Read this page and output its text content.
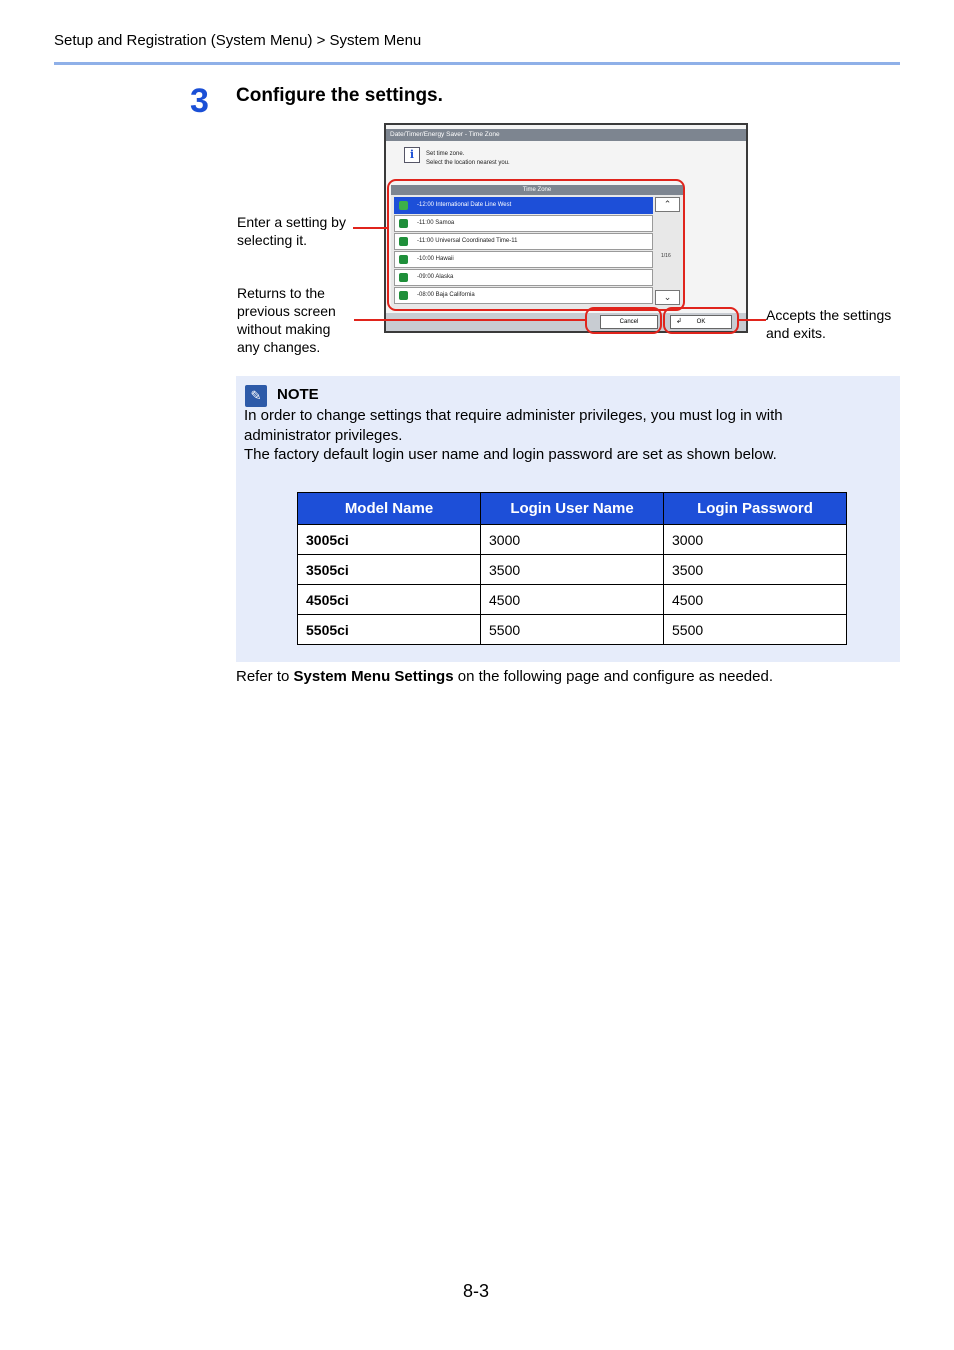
Setup and Registration (System Menu) > System Menu
3 Configure the settings.
Date/Timer/Energy Saver - Time Zone
i	Set time zone.
Select the location nearest you.
Time Zone
-12:00 International Date Line West
-11:00 Samoa
-11:00 Universal Coordinated Time-11
-10:00 Hawaii
-09:00 Alaska
-08:00 Baja California
⌃
1/16
⌄
Cancel	↲ OK
Enter a setting by
selecting it.
Returns to the
previous screen
without making
any changes.
Accepts the settings
and exits.
✎	NOTE
In order to change settings that require administer privileges, you must log in with
administrator privileges.
The factory default login user name and login password are set as shown below.
Model Name	Login User Name	Login Password
3005ci	3000	3000
3505ci	3500	3500
4505ci	4500	4500
5505ci	5500	5500
Refer to System Menu Settings on the following page and configure as needed.
8-3
